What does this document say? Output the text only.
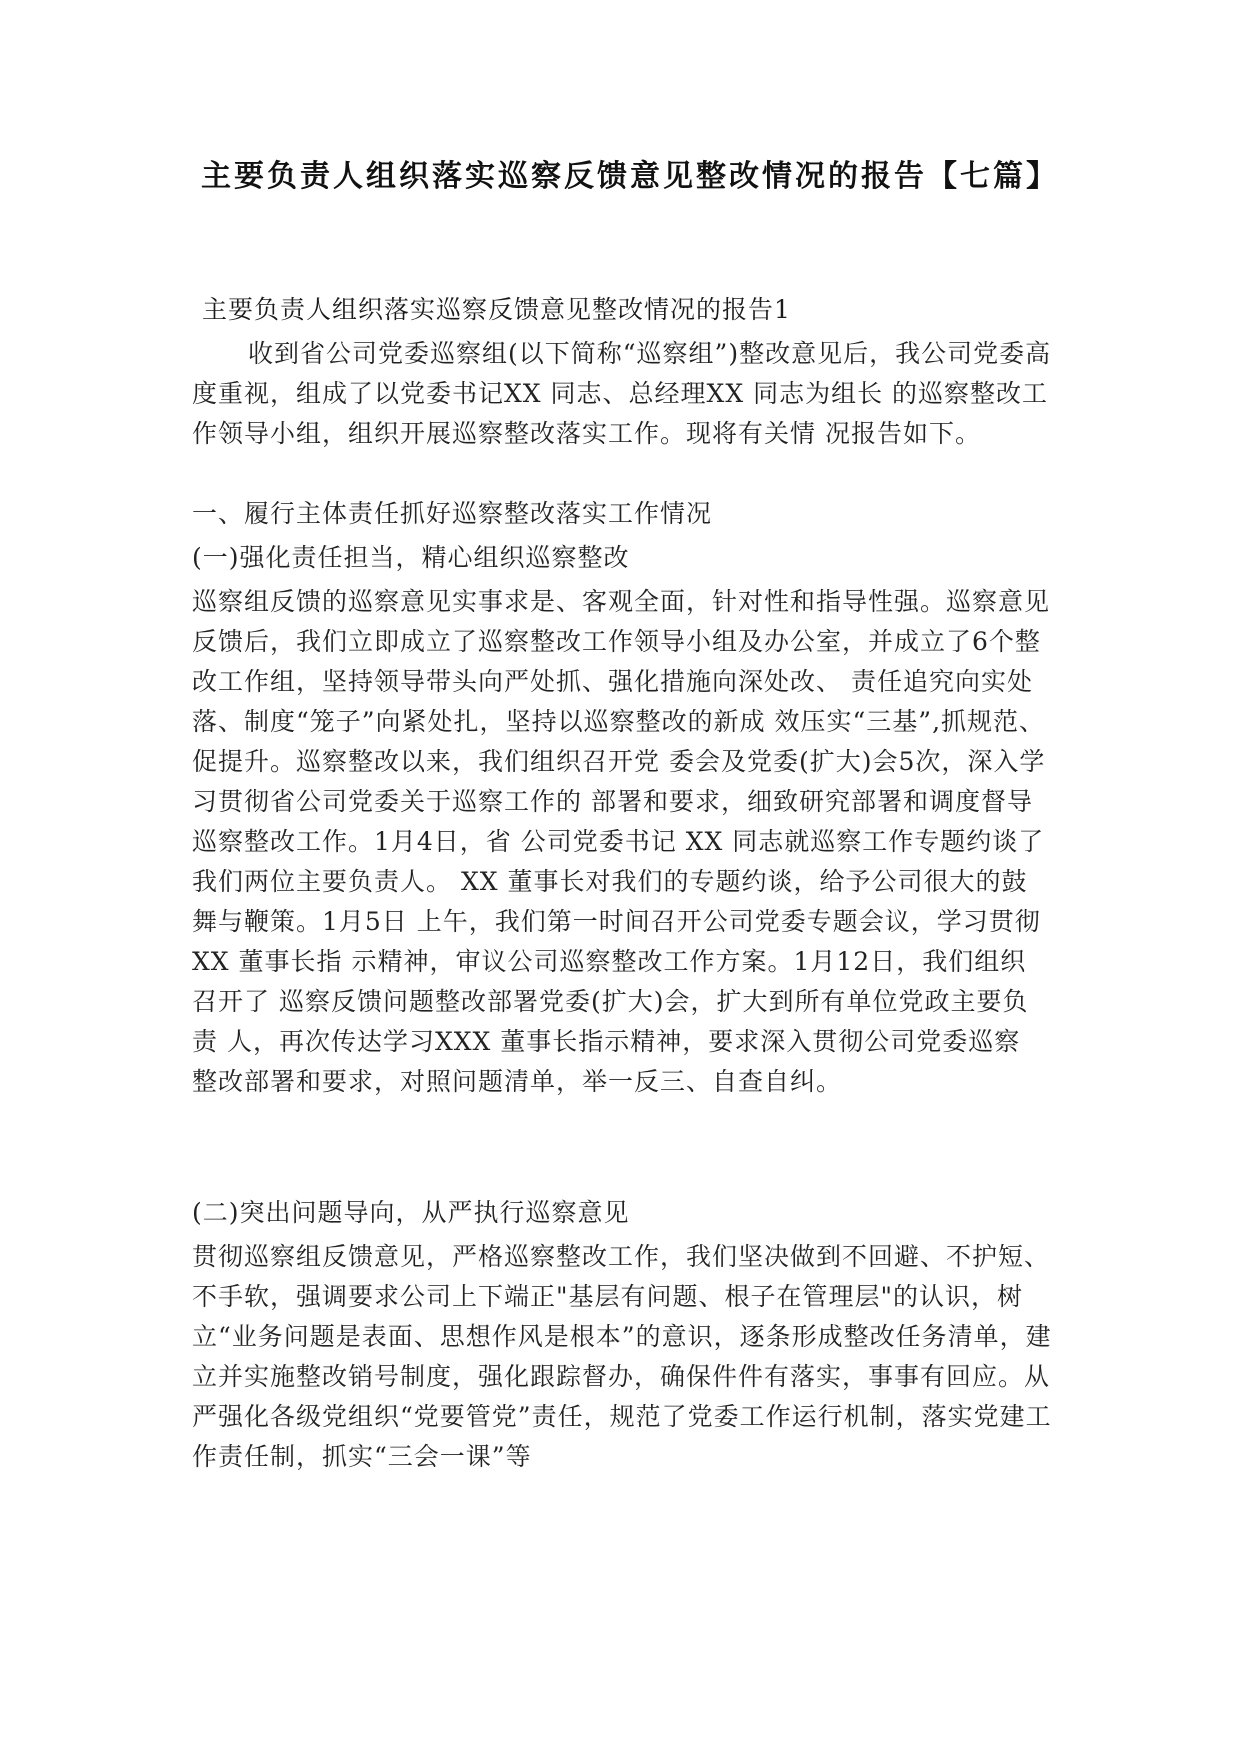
主要负责人组织落实巡察反馈意见整改情况的报告【七篇】
主要负责人组织落实巡察反馈意见整改情况的报告1
收到省公司党委巡察组(以下简称“巡察组”)整改意见后，我公司党委高度重视，组成了以党委书记XX 同志、总经理XX 同志为组长 的巡察整改工作领导小组，组织开展巡察整改落实工作。现将有关情 况报告如下。
一、履行主体责任抓好巡察整改落实工作情况
(一)强化责任担当，精心组织巡察整改
巡察组反馈的巡察意见实事求是、客观全面，针对性和指导性强。巡察意见反馈后，我们立即成立了巡察整改工作领导小组及办公室，并成立了6个整改工作组，坚持领导带头向严处抓、强化措施向深处改、 责任追究向实处落、制度“笼子”向紧处扎，坚持以巡察整改的新成 效压实“三基”,抓规范、促提升。巡察整改以来，我们组织召开党 委会及党委(扩大)会5次，深入学习贯彻省公司党委关于巡察工作的 部署和要求，细致研究部署和调度督导巡察整改工作。1月4日，省 公司党委书记 XX 同志就巡察工作专题约谈了我们两位主要负责人。 XX 董事长对我们的专题约谈，给予公司很大的鼓舞与鞭策。1月5日 上午，我们第一时间召开公司党委专题会议，学习贯彻 XX 董事长指 示精神，审议公司巡察整改工作方案。1月12日，我们组织召开了 巡察反馈问题整改部署党委(扩大)会，扩大到所有单位党政主要负责 人，再次传达学习XXX 董事长指示精神，要求深入贯彻公司党委巡察 整改部署和要求，对照问题清单，举一反三、自查自纠。
(二)突出问题导向，从严执行巡察意见
贯彻巡察组反馈意见，严格巡察整改工作，我们坚决做到不回避、不护短、不手软，强调要求公司上下端正"基层有问题、根子在管理层"的认识，树立“业务问题是表面、思想作风是根本”的意识，逐条形成整改任务清单，建立并实施整改销号制度，强化跟踪督办，确保件件有落实，事事有回应。从严强化各级党组织“党要管党”责任，规范了党委工作运行机制，落实党建工作责任制，抓实“三会一课”等
